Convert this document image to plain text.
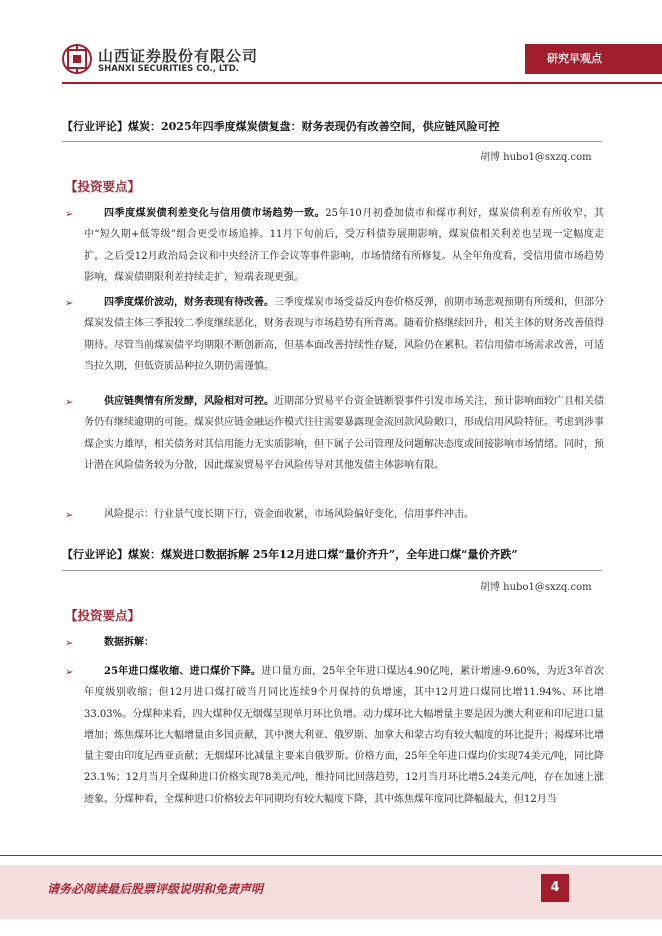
山西证券股份有限公司
SHANXI SECURITIES CO., LTD.
研究早观点
【行业评论】煤炭：2025年四季度煤炭债复盘：财务表现仍有改善空间，供应链风险可控
胡博 hubo1@sxzq.com
【投资要点】
➢	四季度煤炭债利差变化与信用债市场趋势一致。25年10月初叠加债市和煤市利好，煤炭债利差有所收窄，其中“短久期+低等级”组合更受市场追捧。11月下旬前后，受万科债券展期影响，煤炭债相关利差也呈现一定幅度走扩。之后受12月政治局会议和中央经济工作会议等事件影响，市场情绪有所修复。从全年角度看，受信用债市场趋势影响，煤炭债期限利差持续走扩，短端表现更强。

➢	四季度煤价波动，财务表现有待改善。三季度煤炭市场受益反内卷价格反弹，前期市场悲观预期有所缓和，但部分煤炭发债主体三季报较二季度继续恶化，财务表现与市场趋势有所背离。随着价格继续回升，相关主体的财务改善值得期待。尽管当前煤炭债平均期限不断创新高，但基本面改善持续性存疑，风险仍在累积。若信用债市场需求改善，可适当拉久期，但低资质品种拉久期仍需谨慎。

➢	供应链舆情有所发酵，风险相对可控。近期部分贸易平台资金链断裂事件引发市场关注，预计影响面较广且相关债务仍有继续逾期的可能。煤炭供应链金融运作模式往往需要暴露现金流回款风险敞口，形成信用风险特征。考虑到涉事煤企实力雄厚，相关债务对其信用能力无实质影响，但下属子公司管理及问题解决态度或间接影响市场情绪。同时，预计潜在风险债务较为分散，因此煤炭贸易平台风险传导对其他发债主体影响有限。

➢	风险提示：行业景气度长期下行，资金面收紧，市场风险偏好变化，信用事件冲击。

【行业评论】煤炭：煤炭进口数据拆解 25年12月进口煤“量价齐升”，全年进口煤“量价齐跌”
胡博 hubo1@sxzq.com
【投资要点】
➢	数据拆解：

➢	25年进口煤收缩、进口煤价下降。进口量方面，25年全年进口煤达4.90亿吨，累计增速-9.60%，为近3年首次年度级别收缩；但12月进口煤打破当月同比连续9个月保持的负增速，其中12月进口煤同比增11.94%、环比增33.03%。分煤种来看，四大煤种仅无烟煤呈现单月环比负增。动力煤环比大幅增量主要是因为澳大利亚和印尼进口量增加；炼焦煤环比大幅增量由多国贡献，其中澳大利亚、俄罗斯、加拿大和蒙古均有较大幅度的环比提升；褐煤环比增量主要由印度尼西亚贡献；无烟煤环比减量主要来自俄罗斯。价格方面，25年全年进口煤均价实现74美元/吨，同比降23.1%；12月当月全煤种进口价格实现78美元/吨，维持同比回落趋势，12月当月环比增5.24美元/吨，存在加速上涨迹象。分煤种看，全煤种进口价格较去年同期均有较大幅度下降，其中炼焦煤年度同比降幅最大，但12月当

请务必阅读最后股票评级说明和免责声明	4
